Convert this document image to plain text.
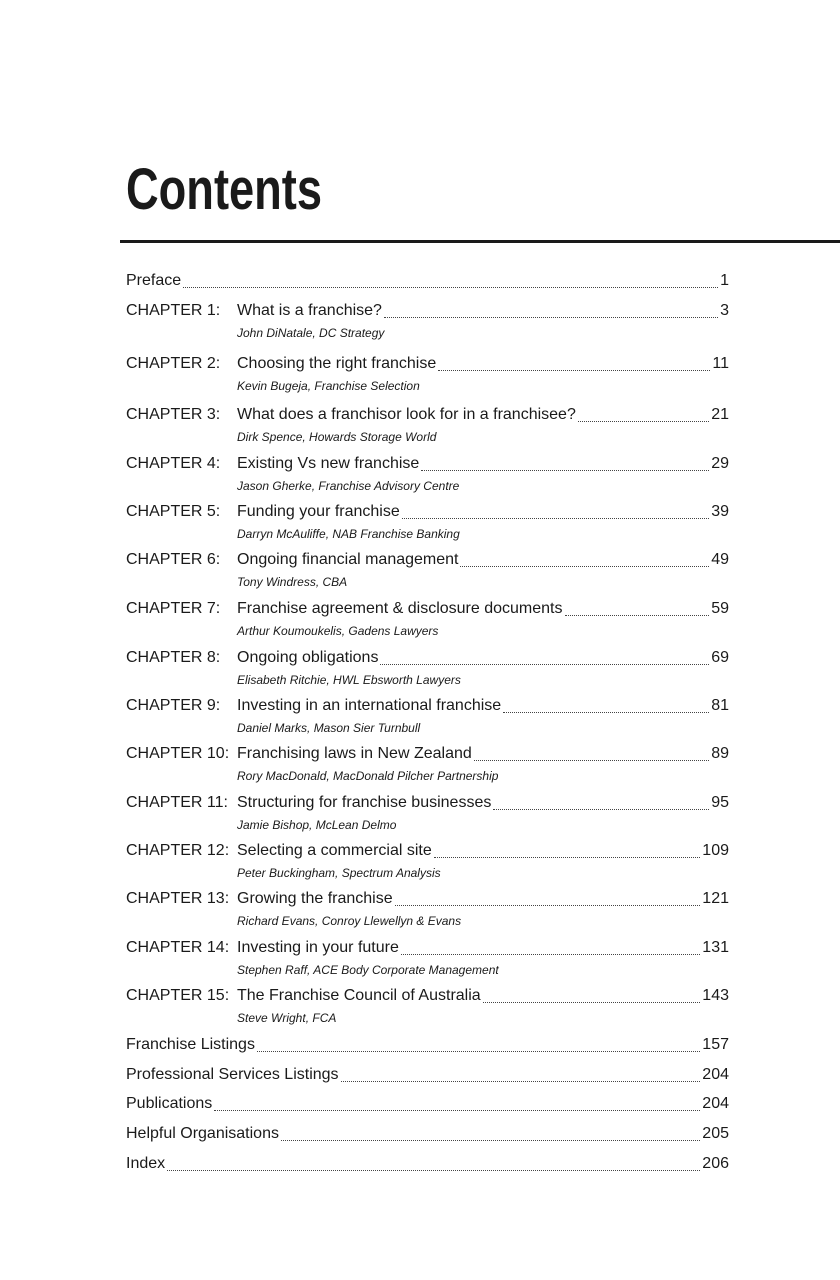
Contents
Preface	1
CHAPTER 1:	What is a franchise?	3
John DiNatale, DC Strategy
CHAPTER 2:	Choosing the right franchise	11
Kevin Bugeja, Franchise Selection
CHAPTER 3:	What does a franchisor look for in a franchisee?	21
Dirk Spence, Howards Storage World
CHAPTER 4:	Existing Vs new franchise	29
Jason Gherke, Franchise Advisory Centre
CHAPTER 5:	Funding your franchise	39
Darryn McAuliffe, NAB Franchise Banking
CHAPTER 6:	Ongoing financial management	49
Tony Windress, CBA
CHAPTER 7:	Franchise agreement & disclosure documents	59
Arthur Koumoukelis, Gadens Lawyers
CHAPTER 8:	Ongoing obligations	69
Elisabeth Ritchie, HWL Ebsworth Lawyers
CHAPTER 9:	Investing in an international franchise	81
Daniel Marks, Mason Sier Turnbull
CHAPTER 10: Franchising laws in New Zealand	89
Rory MacDonald, MacDonald Pilcher Partnership
CHAPTER 11: Structuring for franchise businesses	95
Jamie Bishop, McLean Delmo
CHAPTER 12: Selecting a commercial site	109
Peter Buckingham, Spectrum Analysis
CHAPTER 13: Growing the franchise	121
Richard Evans, Conroy Llewellyn & Evans
CHAPTER 14: Investing in your future	131
Stephen Raff, ACE Body Corporate Management
CHAPTER 15: The Franchise Council of Australia	143
Steve Wright, FCA
Franchise Listings	157
Professional Services Listings	204
Publications	204
Helpful Organisations	205
Index	206
